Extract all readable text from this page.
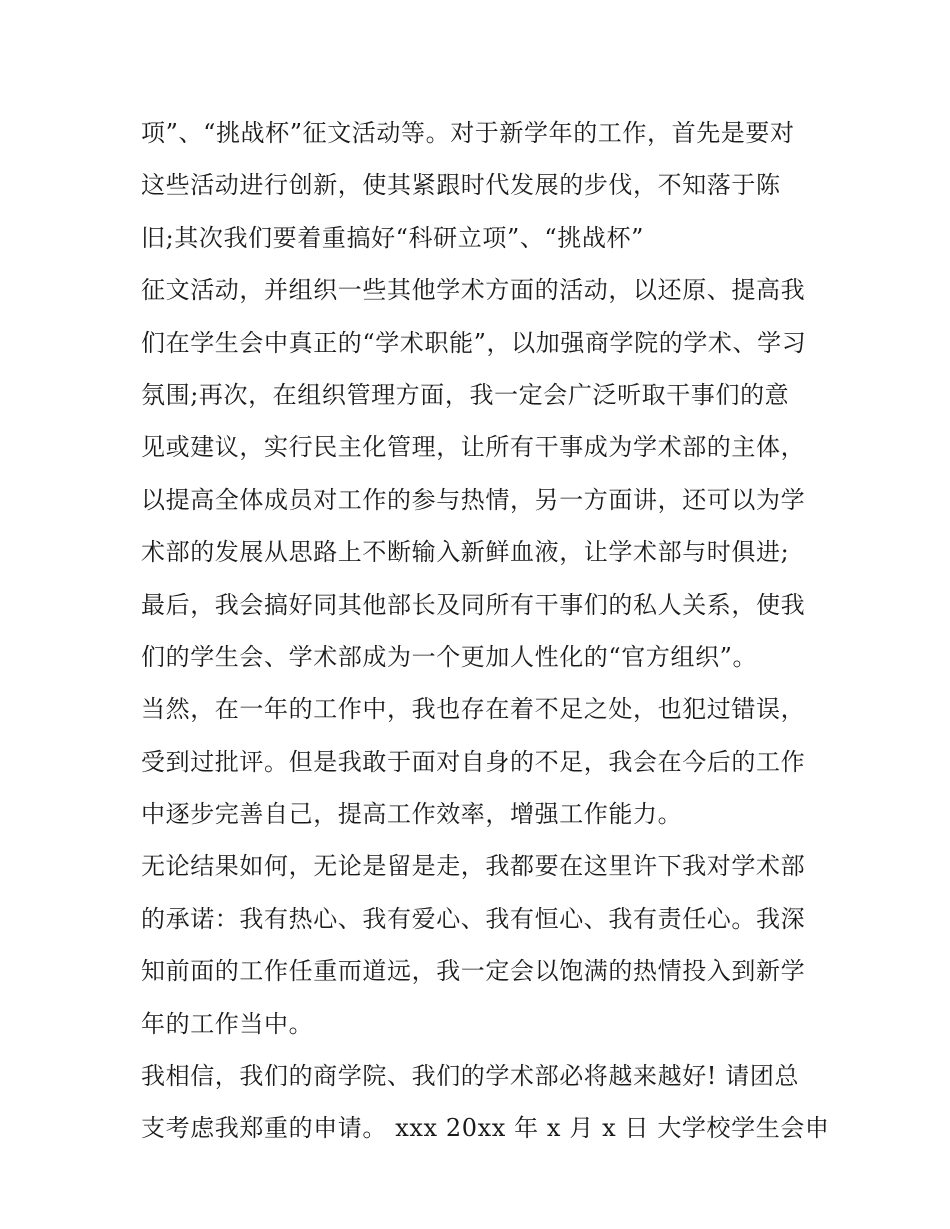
项”、“挑战杯”征文活动等。对于新学年的工作，首先是要对
这些活动进行创新，使其紧跟时代发展的步伐，不知落于陈
旧;其次我们要着重搞好“科研立项”、“挑战杯”
征文活动，并组织一些其他学术方面的活动，以还原、提高我
们在学生会中真正的“学术职能”，以加强商学院的学术、学习
氛围;再次，在组织管理方面，我一定会广泛听取干事们的意
见或建议，实行民主化管理，让所有干事成为学术部的主体，
以提高全体成员对工作的参与热情，另一方面讲，还可以为学
术部的发展从思路上不断输入新鲜血液，让学术部与时俱进;
最后，我会搞好同其他部长及同所有干事们的私人关系，使我
们的学生会、学术部成为一个更加人性化的“官方组织”。
当然，在一年的工作中，我也存在着不足之处，也犯过错误，
受到过批评。但是我敢于面对自身的不足，我会在今后的工作
中逐步完善自己，提高工作效率，增强工作能力。
无论结果如何，无论是留是走，我都要在这里许下我对学术部
的承诺：我有热心、我有爱心、我有恒心、我有责任心。我深
知前面的工作任重而道远，我一定会以饱满的热情投入到新学
年的工作当中。
我相信，我们的商学院、我们的学术部必将越来越好! 请团总
支考虑我郑重的申请。 xxx 20xx 年 x 月 x 日 大学校学生会申
